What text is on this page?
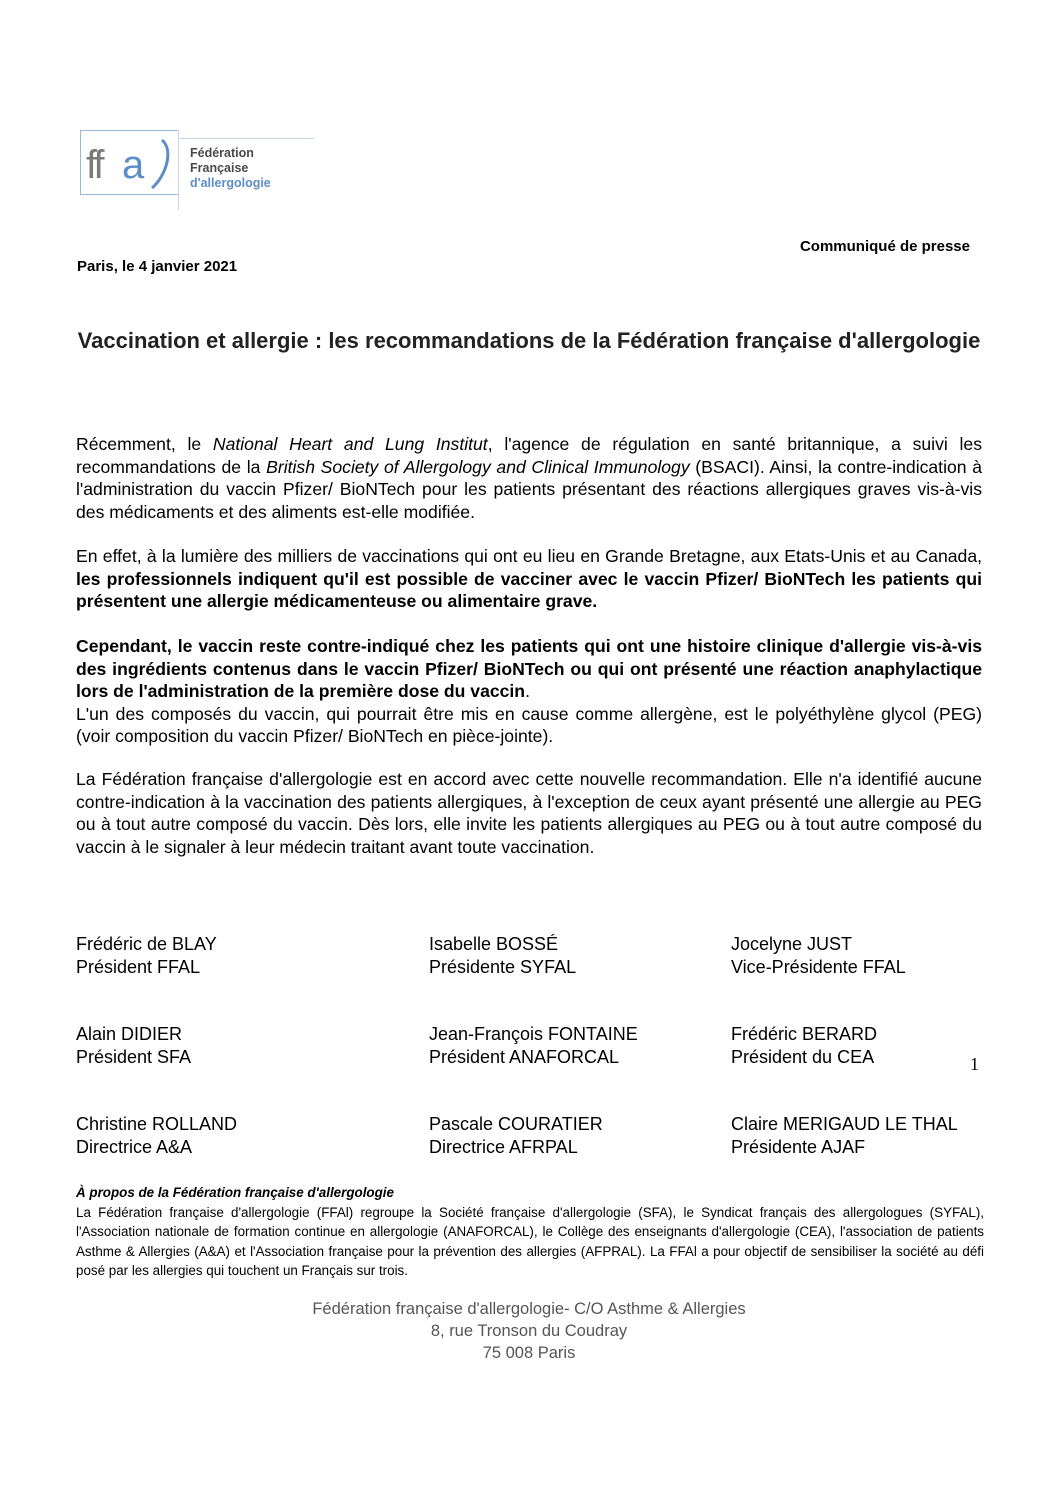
ff a	Fédération
Française
d'allergologie
Communiqué de presse
Paris, le 4 janvier 2021
Vaccination et allergie : les recommandations de la Fédération française d'allergologie

Récemment, le National Heart and Lung Institut, l'agence de régulation en santé britannique, a suivi les recommandations de la British Society of Allergology and Clinical Immunology (BSACI). Ainsi, la contre-indication à l'administration du vaccin Pfizer/ BioNTech pour les patients présentant des réactions allergiques graves vis-à-vis des médicaments et des aliments est-elle modifiée.

En effet, à la lumière des milliers de vaccinations qui ont eu lieu en Grande Bretagne, aux Etats-Unis et au Canada, les professionnels indiquent qu'il est possible de vacciner avec le vaccin Pfizer/ BioNTech les patients qui présentent une allergie médicamenteuse ou alimentaire grave.

Cependant, le vaccin reste contre-indiqué chez les patients qui ont une histoire clinique d'allergie vis-à-vis des ingrédients contenus dans le vaccin Pfizer/ BioNTech ou qui ont présenté une réaction anaphylactique lors de l'administration de la première dose du vaccin.
L'un des composés du vaccin, qui pourrait être mis en cause comme allergène, est le polyéthylène glycol (PEG) (voir composition du vaccin Pfizer/ BioNTech en pièce-jointe).

La Fédération française d'allergologie est en accord avec cette nouvelle recommandation. Elle n'a identifié aucune contre-indication à la vaccination des patients allergiques, à l'exception de ceux ayant présenté une allergie au PEG ou à tout autre composé du vaccin. Dès lors, elle invite les patients allergiques au PEG ou à tout autre composé du vaccin à le signaler à leur médecin traitant avant toute vaccination.

Frédéric de BLAY
Président FFAL
Isabelle BOSSÉ
Présidente SYFAL
Jocelyne JUST
Vice-Présidente FFAL
Alain DIDIER
Président SFA
Jean-François FONTAINE
Président ANAFORCAL
Frédéric BERARD
Président du CEA
Christine ROLLAND
Directrice A&A
Pascale COURATIER
Directrice AFRPAL
Claire MERIGAUD LE THAL
Présidente AJAF
À propos de la Fédération française d'allergologie
La Fédération française d'allergologie (FFAl) regroupe la Société française d'allergologie (SFA), le Syndicat français des allergologues (SYFAL), l'Association nationale de formation continue en allergologie (ANAFORCAL), le Collège des enseignants d'allergologie (CEA), l'association de patients Asthme & Allergies (A&A) et l'Association française pour la prévention des allergies (AFPRAL). La FFAl a pour objectif de sensibiliser la société au défi posé par les allergies qui touchent un Français sur trois.
Fédération française d'allergologie- C/O Asthme & Allergies
8, rue Tronson du Coudray
75 008 Paris
1
